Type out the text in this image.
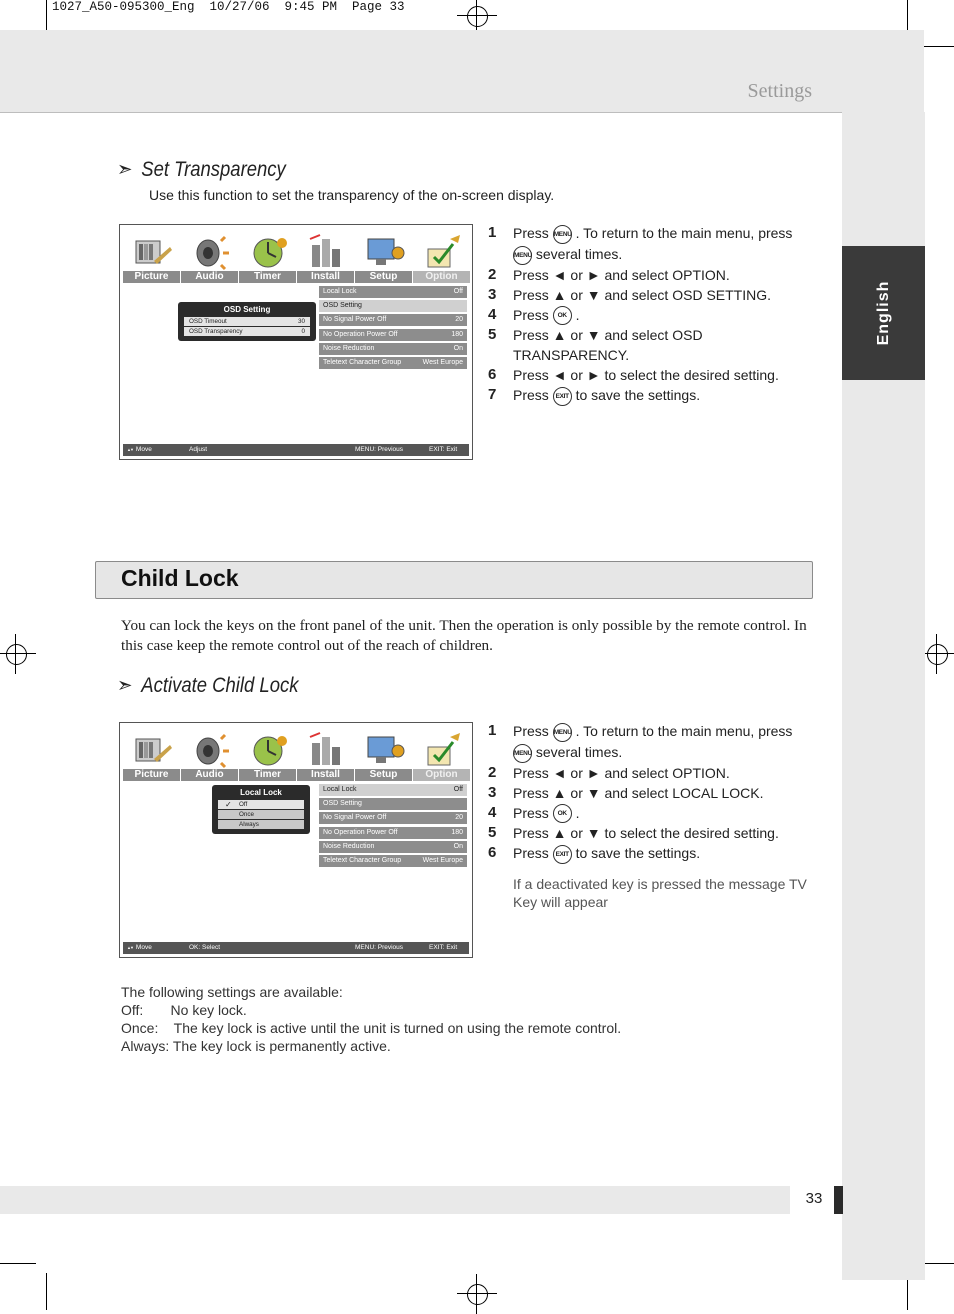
1027_A50-095300_Eng  10/27/06  9:45 PM  Page 33
Settings
English
33
➣ Set Transparency
Use this function to set the transparency of the on-screen display.
Picture	Audio	Timer	Install	Setup	Option
Local Lock	Off
OSD Setting
No Signal Power Off	20
No Operation Power Off	180
Noise Reduction	On
Teletext Character Group	West Europe
OSD Setting
OSD Timeout	30
OSD Transparency	0
▲▼ Move	Adjust	MENU: Previous	EXIT: Exit
1 Press MENU . To return to the main menu, press MENU several times.
2 Press ◄ or ► and select OPTION.
3 Press ▲ or ▼ and select OSD SETTING.
4 Press OK .
5 Press ▲ or ▼ and select OSD TRANSPARENCY.
6 Press ◄ or ► to select the desired setting.
7 Press EXIT to save the settings.
Child Lock
You can lock the keys on the front panel of the unit. Then the operation is only possible by the remote control. In this case keep the remote control out of the reach of children.
➣ Activate Child Lock
Picture	Audio	Timer	Install	Setup	Option
Local Lock	Off
OSD Setting
No Signal Power Off	20
No Operation Power Off	180
Noise Reduction	On
Teletext Character Group	West Europe
Local Lock
✓ Off
Once
Always
▲▼ Move	OK: Select	MENU: Previous	EXIT: Exit
1 Press MENU . To return to the main menu, press MENU several times.
2 Press ◄ or ► and select OPTION.
3 Press ▲ or ▼ and select LOCAL LOCK.
4 Press OK .
5 Press ▲ or ▼ to select the desired setting.
6 Press EXIT to save the settings.
If a deactivated key is pressed the message TV Key will appear
The following settings are available:
Off:       No key lock.
Once:    The key lock is active until the unit is turned on using the remote control.
Always: The key lock is permanently active.
